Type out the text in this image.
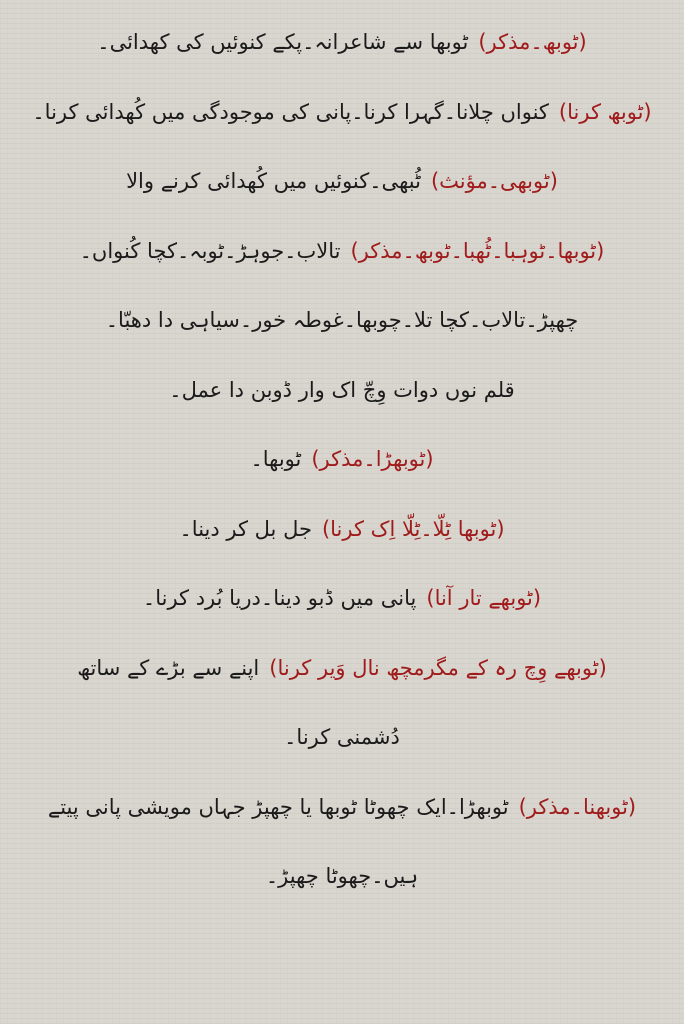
(ٹوبھ۔مذکر)ٹوبھا سے شاعرانہ۔پکے کنوئیں کی کھدائی۔
(ٹوبھ کرنا)کنواں چلانا۔گہرا کرنا۔پانی کی موجودگی میں کُھدائی کرنا۔
(ٹوبھی۔مؤنث)ٹُبھی۔کنوئیں میں کُھدائی کرنے والا
(ٹوبھا۔ٹوہبا۔ٹُھبا۔ٹوبھ۔مذکر)تالاب۔جوہڑ۔ٹوبہ۔کچا کُنواں۔
چھپڑ۔تالاب۔کچا تلا۔چوبھا۔غوطہ خور۔سیاہی دا دھبّا۔
قلم نوں دوات وِچّ اک وار ڈوبن دا عمل۔
(ٹوبھڑا۔مذکر)ٹوبھا۔
(ٹوبھا ٹِلّا۔ٹِلّا اِک کرنا)جل بل کر دینا۔
(ٹوبھے تار آنا)پانی میں ڈبو دینا۔دریا بُرد کرنا۔
(ٹوبھے وِچ رہ کے مگرمچھ نال وَیر کرنا)اپنے سے بڑے کے ساتھ
دُشمنی کرنا۔
(ٹوبھنا۔مذکر)ٹوبھڑا۔ایک چھوٹا ٹوبھا یا چھپڑ جہاں مویشی پانی پیتے
ہیں۔چھوٹا چھپڑ۔
